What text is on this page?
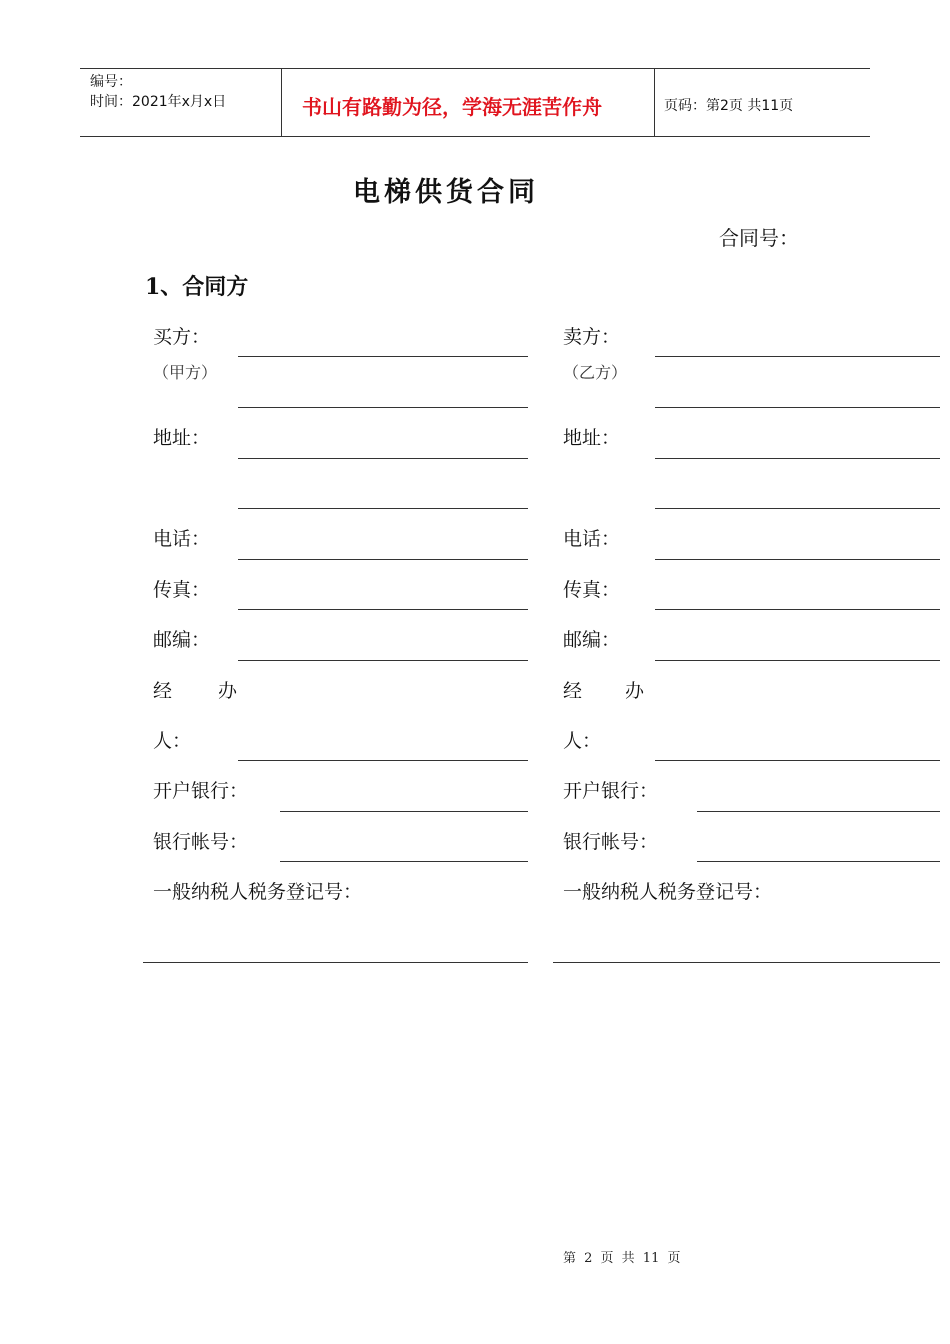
编号：
时间：2021年x月x日	书山有路勤为径，学海无涯苦作舟	页码：第2页 共11页
电梯供货合同
合同号：
1、合同方
买方：
（甲方）
地址：
电话：
传真：
邮编：
经 办
人：
开户银行：
银行帐号：
一般纳税人税务登记号：
卖方：
（乙方）
地址：
电话：
传真：
邮编：
经 办
人：
开户银行：
银行帐号：
一般纳税人税务登记号：
第 2 页 共 11 页
